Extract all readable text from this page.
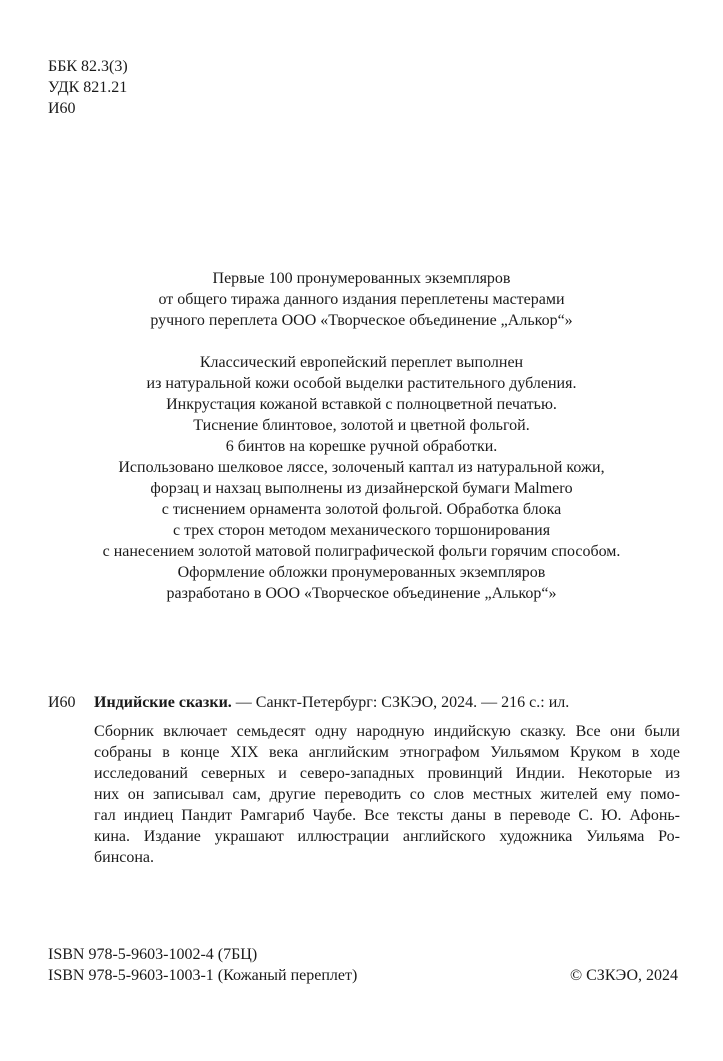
ББК 82.3(3)
УДК 821.21
И60
Первые 100 пронумерованных экземпляров
от общего тиража данного издания переплетены мастерами
ручного переплета ООО «Творческое объединение „Алькор“»
Классический европейский переплет выполнен
из натуральной кожи особой выделки растительного дубления.
Инкрустация кожаной вставкой с полноцветной печатью.
Тиснение блинтовое, золотой и цветной фольгой.
6 бинтов на корешке ручной обработки.
Использовано шелковое ляссе, золоченый каптал из натуральной кожи,
форзац и нахзац выполнены из дизайнерской бумаги Malmero
с тиснением орнамента золотой фольгой. Обработка блока
с трех сторон методом механического торшонирования
с нанесением золотой матовой полиграфической фольги горячим способом.
Оформление обложки пронумерованных экземпляров
разработано в ООО «Творческое объединение „Алькор“»
И60	Индийские сказки. — Санкт-Петербург: СЗКЭО, 2024. — 216 с.: ил.
Сборник включает семьдесят одну народную индийскую сказку. Все они были
собраны в конце XIX века английским этнографом Уильямом Круком в ходе
исследований северных и северо-западных провинций Индии. Некоторые из
них он записывал сам, другие переводить со слов местных жителей ему помо-
гал индиец Пандит Рамгариб Чаубе. Все тексты даны в переводе С. Ю. Афонь-
кина. Издание украшают иллюстрации английского художника Уильяма Ро-
бинсона.
ISBN 978-5-9603-1002-4 (7БЦ)
ISBN 978-5-9603-1003-1 (Кожаный переплет)	© СЗКЭО, 2024
